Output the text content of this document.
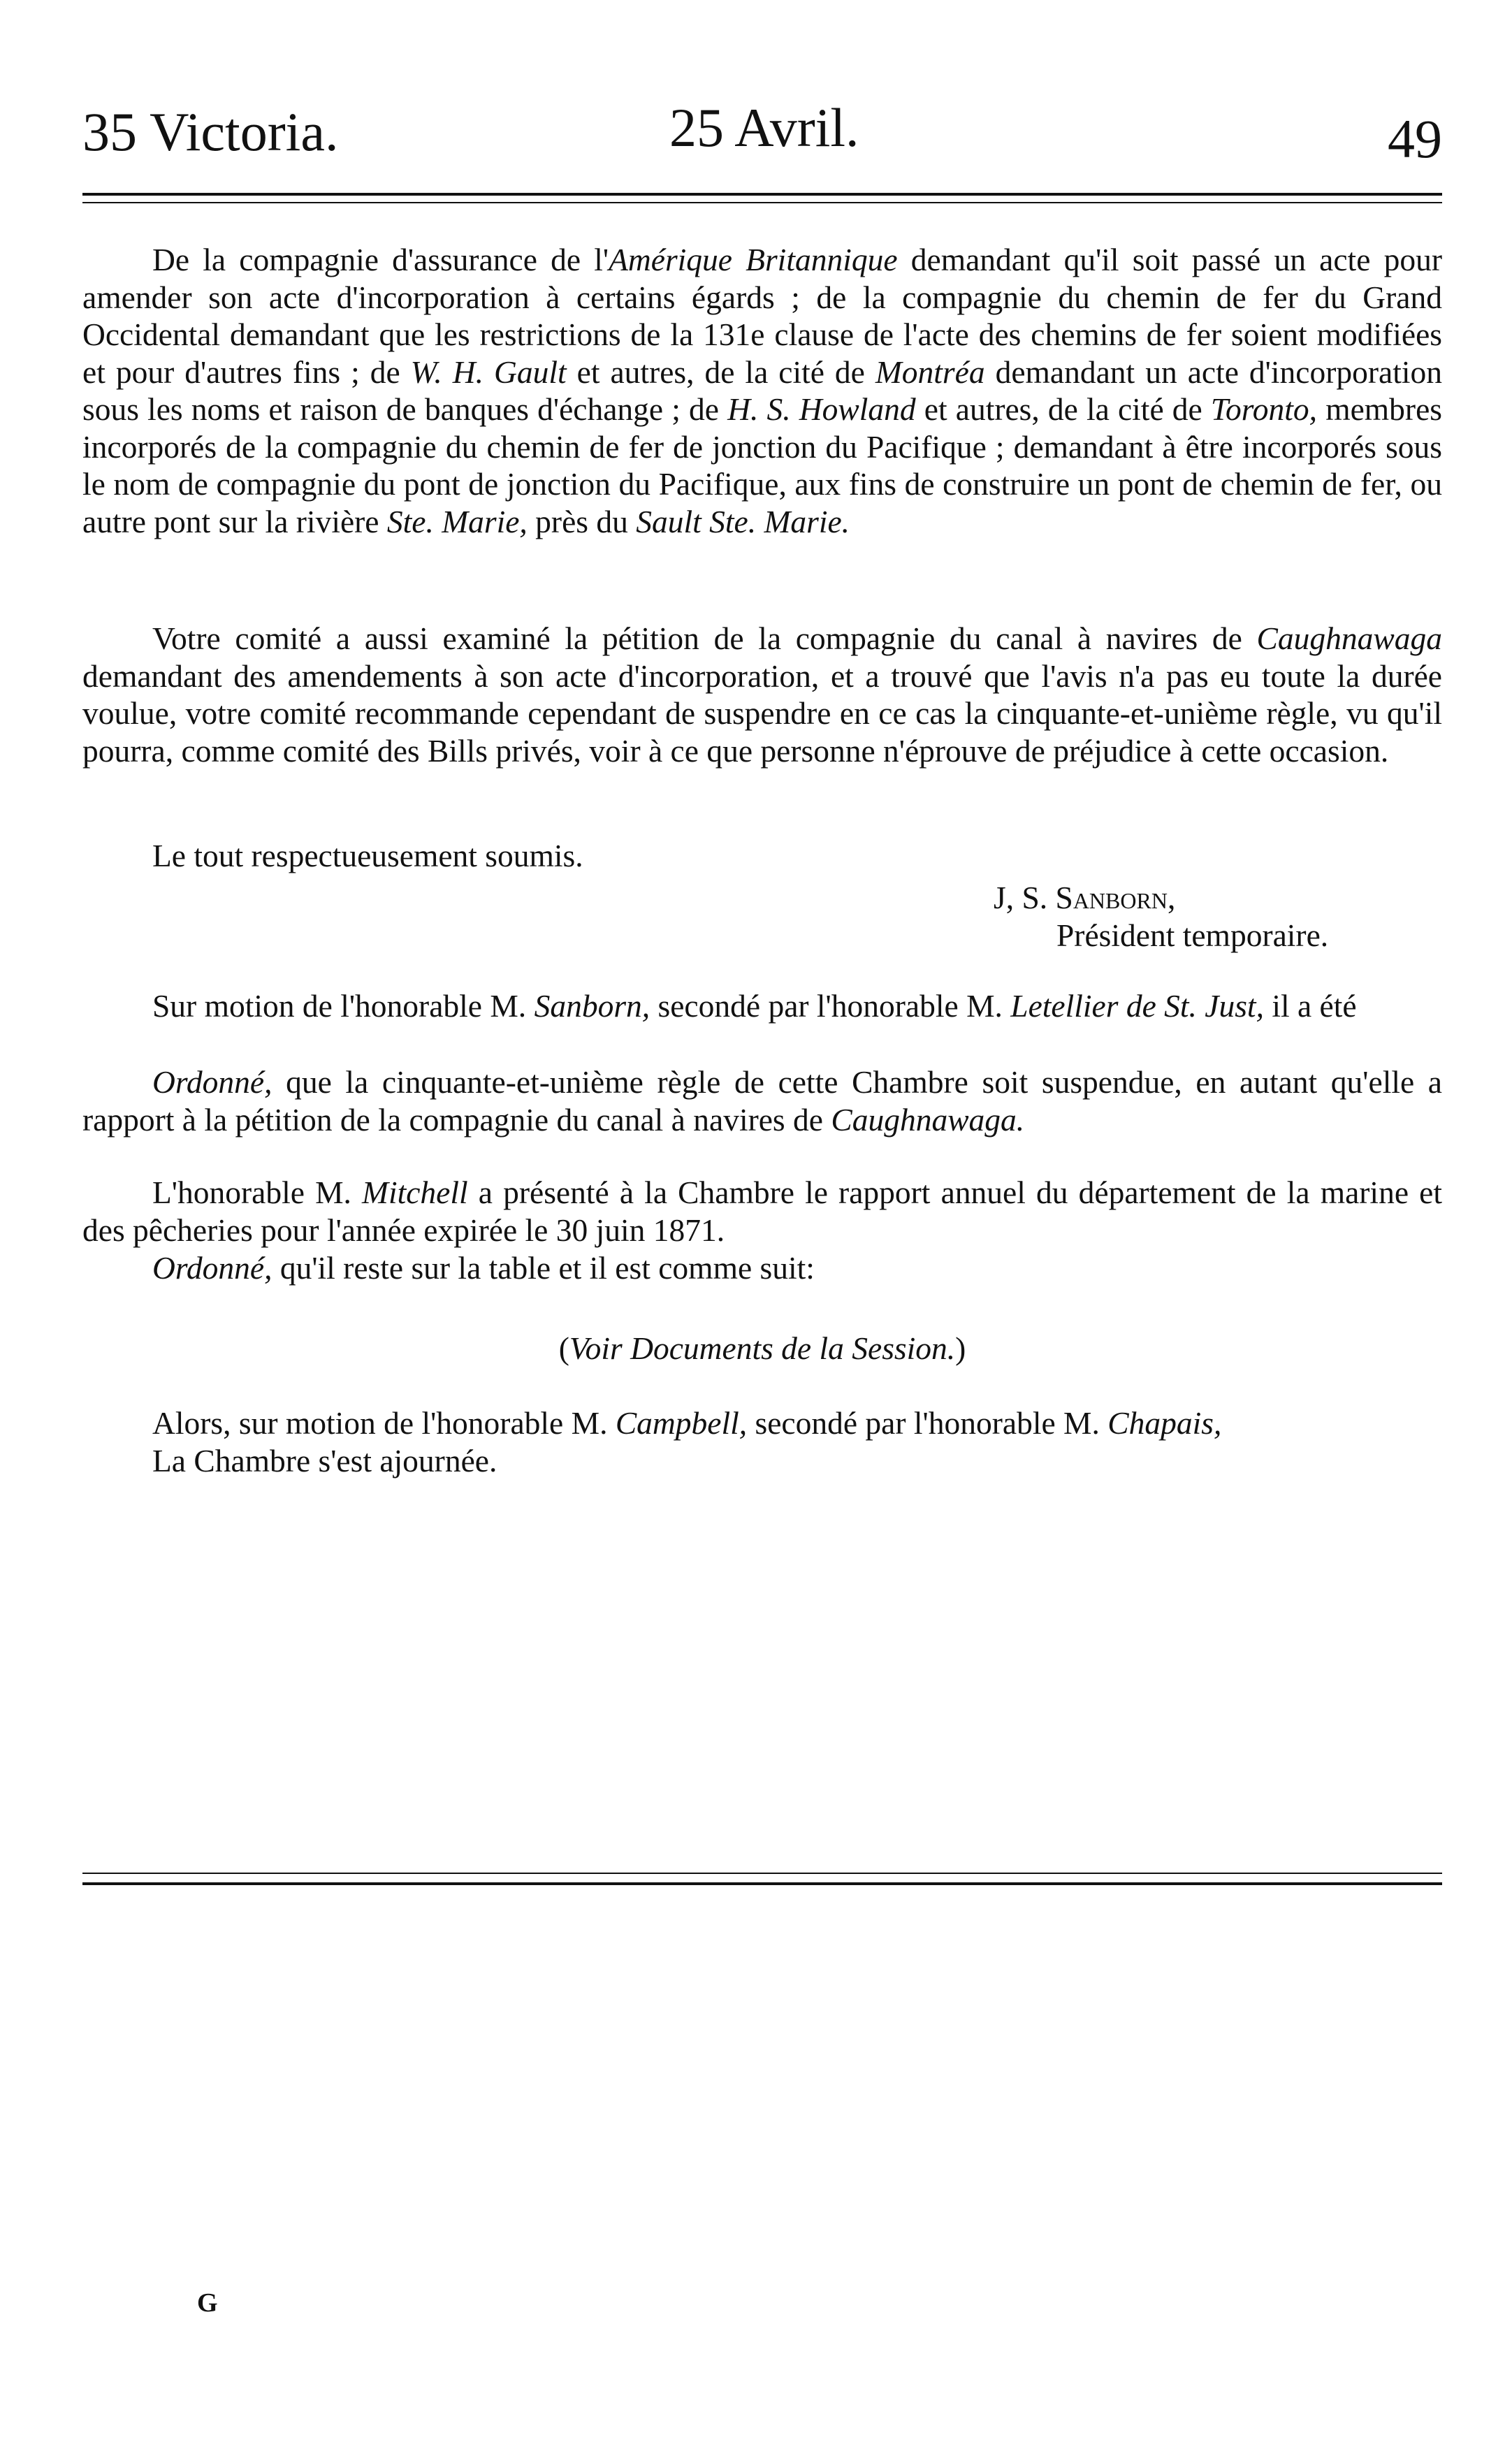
35 Victoria.	25 Avril.	49

De la compagnie d'assurance de l'Amérique Britannique demandant qu'il soit passé un acte pour amender son acte d'incorporation à certains égards ; de la compagnie du chemin de fer du Grand Occidental demandant que les restrictions de la 131e clause de l'acte des chemins de fer soient modifiées et pour d'autres fins ; de W. H. Gault et autres, de la cité de Montréa demandant un acte d'incorporation sous les noms et raison de banques d'échange ; de H. S. Howland et autres, de la cité de Toronto, membres incorporés de la compagnie du chemin de fer de jonction du Pacifique ; demandant à être incorporés sous le nom de compagnie du pont de jonction du Pacifique, aux fins de construire un pont de chemin de fer, ou autre pont sur la rivière Ste. Marie, près du Sault Ste. Marie.

Votre comité a aussi examiné la pétition de la compagnie du canal à navires de Caughnawaga demandant des amendements à son acte d'incorporation, et a trouvé que l'avis n'a pas eu toute la durée voulue, votre comité recommande cependant de suspendre en ce cas la cinquante-et-unième règle, vu qu'il pourra, comme comité des Bills privés, voir à ce que personne n'éprouve de préjudice à cette occasion.

Le tout respectueusement soumis.

J, S. Sanborn,
Président temporaire.

Sur motion de l'honorable M. Sanborn, secondé par l'honorable M. Letellier de St. Just, il a été

Ordonné, que la cinquante-et-unième règle de cette Chambre soit suspendue, en autant qu'elle a rapport à la pétition de la compagnie du canal à navires de Caughnawaga.

L'honorable M. Mitchell a présenté à la Chambre le rapport annuel du département de la marine et des pêcheries pour l'année expirée le 30 juin 1871.

Ordonné, qu'il reste sur la table et il est comme suit:

(Voir Documents de la Session.)

Alors, sur motion de l'honorable M. Campbell, secondé par l'honorable M. Chapais,

La Chambre s'est ajournée.

G
